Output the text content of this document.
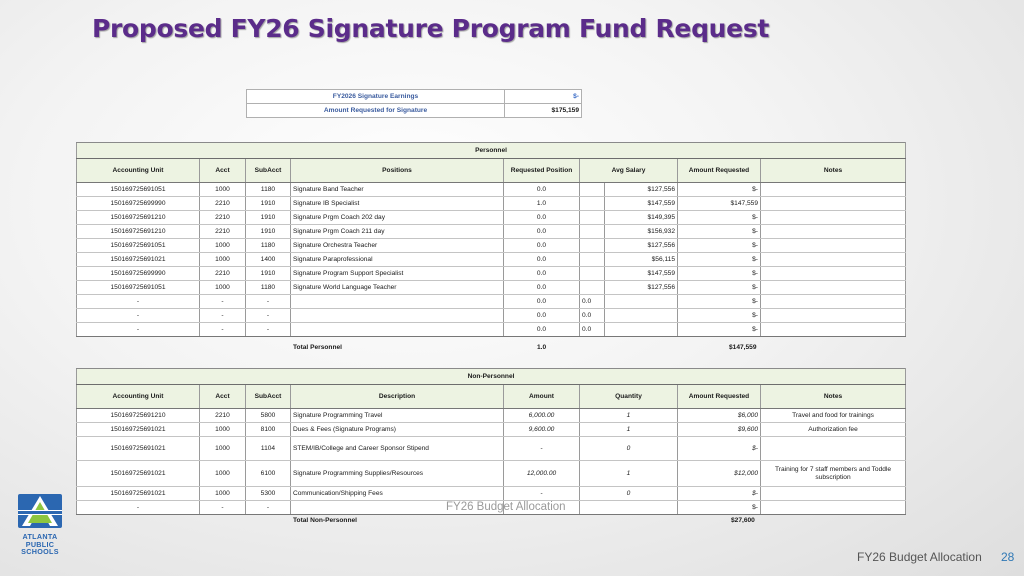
Proposed FY26 Signature Program Fund Request
FY2026 Signature Earnings	$-
Amount Requested for Signature	$175,159
Personnel								
Accounting Unit	Acct	SubAcct	Positions	Requested Position	Avg Salary		Amount Requested	Notes
150169725691051	1000	1180	Signature Band Teacher	0.0		$127,556	$-	
150169725699990	2210	1910	Signature IB Specialist	1.0		$147,559	$147,559	
150169725691210	2210	1910	Signature Prgm Coach 202 day	0.0		$149,395	$-	
150169725691210	2210	1910	Signature Prgm Coach 211 day	0.0		$156,932	$-	
150169725691051	1000	1180	Signature Orchestra Teacher	0.0		$127,556	$-	
150169725691021	1000	1400	Signature Paraprofessional	0.0		$56,115	$-	
150169725699990	2210	1910	Signature Program Support Specialist	0.0		$147,559	$-	
150169725691051	1000	1180	Signature World Language Teacher	0.0		$127,556	$-	
-	-	-		0.0	0.0		$-	
-	-	-		0.0	0.0		$-	
-	-	-		0.0	0.0		$-	
Total Personnel	1.0	$147,559
Non-Personnel							
Accounting Unit	Acct	SubAcct	Description	Amount	Quantity	Amount Requested	Notes
150169725691210	2210	5800	Signature Programming Travel	6,000.00	1	$6,000	Travel and food for trainings
150169725691021	1000	8100	Dues & Fees (Signature Programs)	9,600.00	1	$9,600	Authorization fee
150169725691021	1000	1104	STEM/IB/College and Career Sponsor Stipend	-	0	$-	
150169725691021	1000	6100	Signature Programming Supplies/Resources	12,000.00	1	$12,000	Training for 7 staff members and Toddle subscription
150169725691021	1000	5300	Communication/Shipping Fees	-	0	$-	
-	-	-				$-	
Total Non-Personnel	$27,600
FY26 Budget Allocation
ATLANTA
PUBLIC
SCHOOLS	FY26 Budget Allocation 28
